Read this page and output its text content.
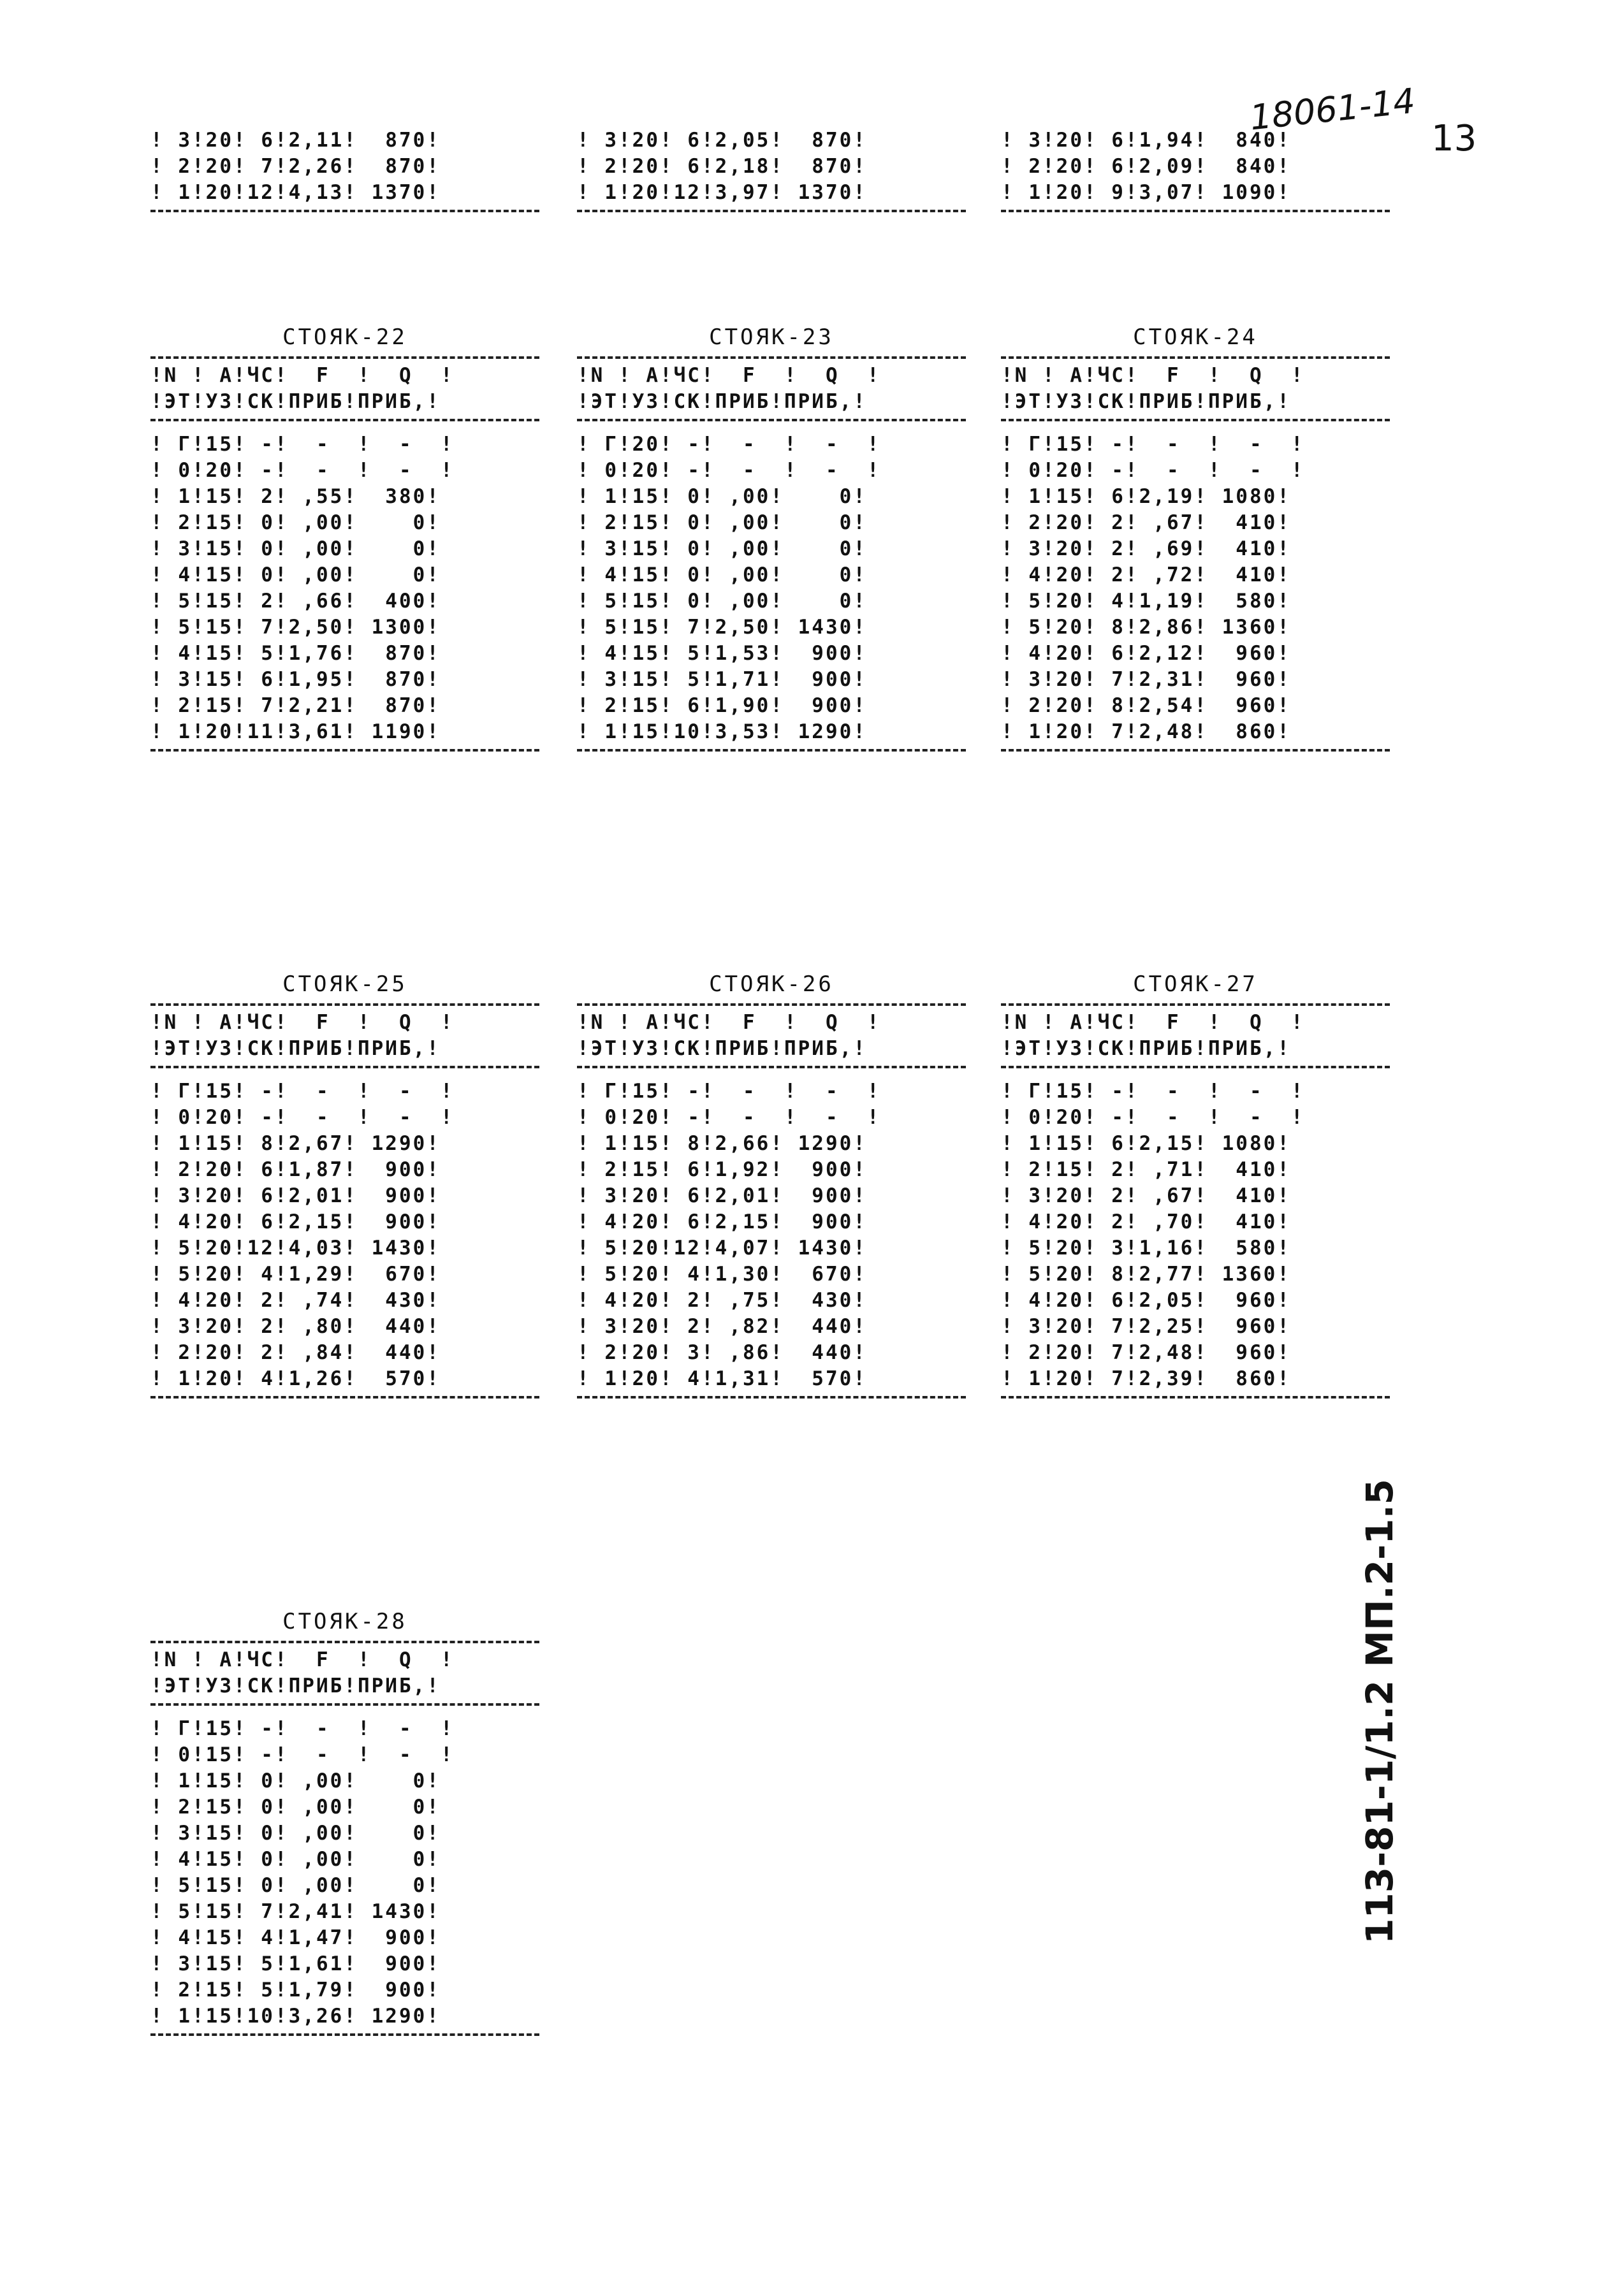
18061-14
13
113-81-1/1.2 МП.2-1.5
! 3!20! 6!2,11!  870!
! 2!20! 7!2,26!  870!
! 1!20!12!4,13! 1370!
! 3!20! 6!2,05!  870!
! 2!20! 6!2,18!  870!
! 1!20!12!3,97! 1370!
! 3!20! 6!1,94!  840!
! 2!20! 6!2,09!  840!
! 1!20! 9!3,07! 1090!
СТОЯК-22
!N ! А!ЧС!  F  !  Q  !
!ЭТ!УЗ!СК!ПРИБ!ПРИБ,!
! Г!15! -!  -  !  -  !
! 0!20! -!  -  !  -  !
! 1!15! 2! ,55!  380!
! 2!15! 0! ,00!    0!
! 3!15! 0! ,00!    0!
! 4!15! 0! ,00!    0!
! 5!15! 2! ,66!  400!
! 5!15! 7!2,50! 1300!
! 4!15! 5!1,76!  870!
! 3!15! 6!1,95!  870!
! 2!15! 7!2,21!  870!
! 1!20!11!3,61! 1190!
СТОЯК-23
!N ! А!ЧС!  F  !  Q  !
!ЭТ!УЗ!СК!ПРИБ!ПРИБ,!
! Г!20! -!  -  !  -  !
! 0!20! -!  -  !  -  !
! 1!15! 0! ,00!    0!
! 2!15! 0! ,00!    0!
! 3!15! 0! ,00!    0!
! 4!15! 0! ,00!    0!
! 5!15! 0! ,00!    0!
! 5!15! 7!2,50! 1430!
! 4!15! 5!1,53!  900!
! 3!15! 5!1,71!  900!
! 2!15! 6!1,90!  900!
! 1!15!10!3,53! 1290!
СТОЯК-24
!N ! А!ЧС!  F  !  Q  !
!ЭТ!УЗ!СК!ПРИБ!ПРИБ,!
! Г!15! -!  -  !  -  !
! 0!20! -!  -  !  -  !
! 1!15! 6!2,19! 1080!
! 2!20! 2! ,67!  410!
! 3!20! 2! ,69!  410!
! 4!20! 2! ,72!  410!
! 5!20! 4!1,19!  580!
! 5!20! 8!2,86! 1360!
! 4!20! 6!2,12!  960!
! 3!20! 7!2,31!  960!
! 2!20! 8!2,54!  960!
! 1!20! 7!2,48!  860!
СТОЯК-25
!N ! А!ЧС!  F  !  Q  !
!ЭТ!УЗ!СК!ПРИБ!ПРИБ,!
! Г!15! -!  -  !  -  !
! 0!20! -!  -  !  -  !
! 1!15! 8!2,67! 1290!
! 2!20! 6!1,87!  900!
! 3!20! 6!2,01!  900!
! 4!20! 6!2,15!  900!
! 5!20!12!4,03! 1430!
! 5!20! 4!1,29!  670!
! 4!20! 2! ,74!  430!
! 3!20! 2! ,80!  440!
! 2!20! 2! ,84!  440!
! 1!20! 4!1,26!  570!
СТОЯК-26
!N ! А!ЧС!  F  !  Q  !
!ЭТ!УЗ!СК!ПРИБ!ПРИБ,!
! Г!15! -!  -  !  -  !
! 0!20! -!  -  !  -  !
! 1!15! 8!2,66! 1290!
! 2!15! 6!1,92!  900!
! 3!20! 6!2,01!  900!
! 4!20! 6!2,15!  900!
! 5!20!12!4,07! 1430!
! 5!20! 4!1,30!  670!
! 4!20! 2! ,75!  430!
! 3!20! 2! ,82!  440!
! 2!20! 3! ,86!  440!
! 1!20! 4!1,31!  570!
СТОЯК-27
!N ! А!ЧС!  F  !  Q  !
!ЭТ!УЗ!СК!ПРИБ!ПРИБ,!
! Г!15! -!  -  !  -  !
! 0!20! -!  -  !  -  !
! 1!15! 6!2,15! 1080!
! 2!15! 2! ,71!  410!
! 3!20! 2! ,67!  410!
! 4!20! 2! ,70!  410!
! 5!20! 3!1,16!  580!
! 5!20! 8!2,77! 1360!
! 4!20! 6!2,05!  960!
! 3!20! 7!2,25!  960!
! 2!20! 7!2,48!  960!
! 1!20! 7!2,39!  860!
СТОЯК-28
!N ! А!ЧС!  F  !  Q  !
!ЭТ!УЗ!СК!ПРИБ!ПРИБ,!
! Г!15! -!  -  !  -  !
! 0!15! -!  -  !  -  !
! 1!15! 0! ,00!    0!
! 2!15! 0! ,00!    0!
! 3!15! 0! ,00!    0!
! 4!15! 0! ,00!    0!
! 5!15! 0! ,00!    0!
! 5!15! 7!2,41! 1430!
! 4!15! 4!1,47!  900!
! 3!15! 5!1,61!  900!
! 2!15! 5!1,79!  900!
! 1!15!10!3,26! 1290!
